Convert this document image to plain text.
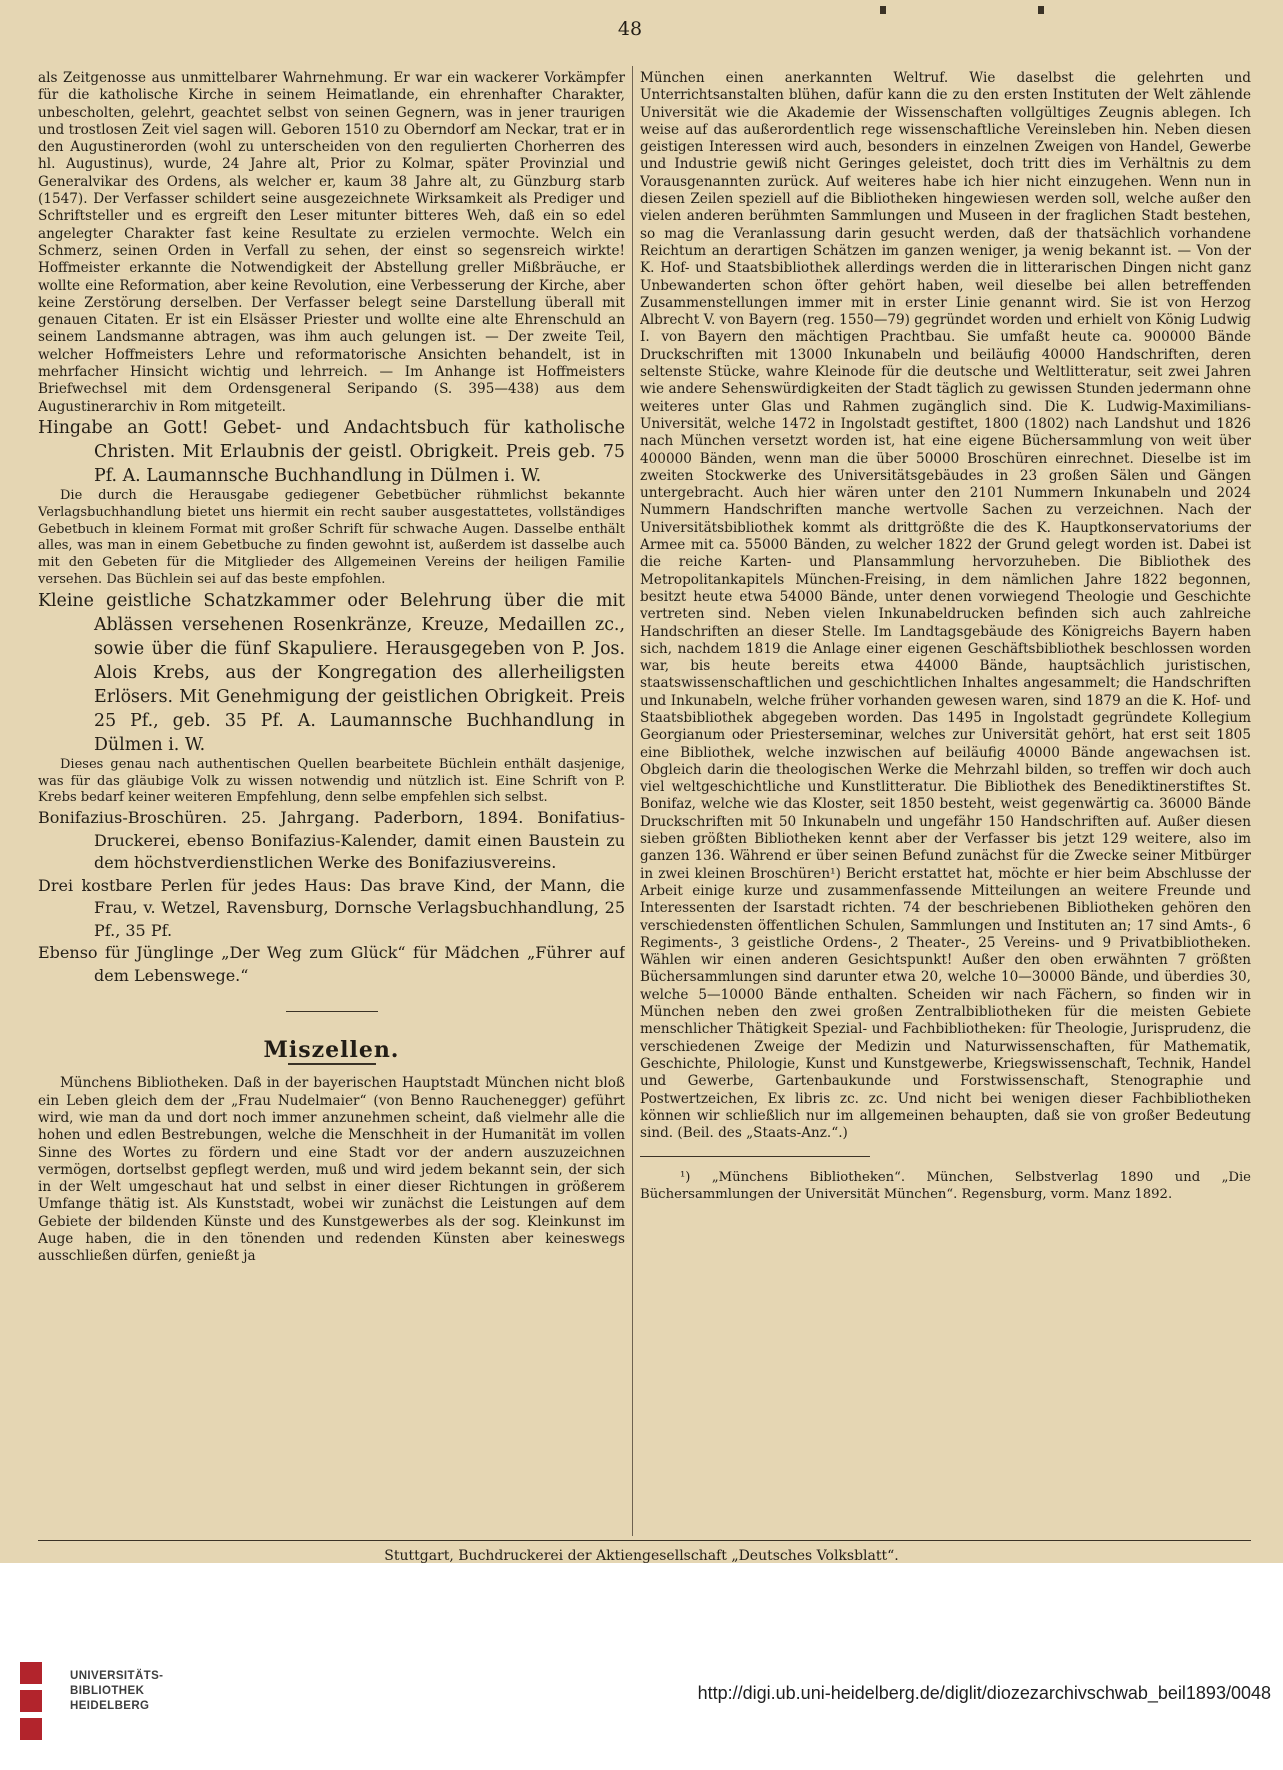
48

als Zeitgenosse aus unmittelbarer Wahrnehmung. Er war ein wackerer Vorkämpfer für die katholische Kirche in seinem Heimatlande, ein ehrenhafter Charakter, unbescholten, gelehrt, geachtet selbst von seinen Gegnern, was in jener traurigen und trostlosen Zeit viel sagen will. Geboren 1510 zu Oberndorf am Neckar, trat er in den Augustinerorden (wohl zu unterscheiden von den regulierten Chorherren des hl. Augustinus), wurde, 24 Jahre alt, Prior zu Kolmar, später Provinzial und Generalvikar des Ordens, als welcher er, kaum 38 Jahre alt, zu Günzburg starb (1547). Der Verfasser schildert seine ausgezeichnete Wirksamkeit als Prediger und Schriftsteller und es ergreift den Leser mitunter bitteres Weh, daß ein so edel angelegter Charakter fast keine Resultate zu erzielen vermochte. Welch ein Schmerz, seinen Orden in Verfall zu sehen, der einst so segensreich wirkte! Hoffmeister erkannte die Notwendigkeit der Abstellung greller Mißbräuche, er wollte eine Reformation, aber keine Revolution, eine Verbesserung der Kirche, aber keine Zerstörung derselben. Der Verfasser belegt seine Darstellung überall mit genauen Citaten. Er ist ein Elsässer Priester und wollte eine alte Ehrenschuld an seinem Landsmanne abtragen, was ihm auch gelungen ist. — Der zweite Teil, welcher Hoffmeisters Lehre und reformatorische Ansichten behandelt, ist in mehrfacher Hinsicht wichtig und lehrreich. — Im Anhange ist Hoffmeisters Briefwechsel mit dem Ordensgeneral Seripando (S. 395—438) aus dem Augustinerarchiv in Rom mitgeteilt.

Hingabe an Gott! Gebet- und Andachtsbuch für katholische Christen. Mit Erlaubnis der geistl. Obrigkeit. Preis geb. 75 Pf. A. Laumannsche Buchhandlung in Dülmen i. W.

Die durch die Herausgabe gediegener Gebetbücher rühmlichst bekannte Verlagsbuchhandlung bietet uns hiermit ein recht sauber ausgestattetes, vollständiges Gebetbuch in kleinem Format mit großer Schrift für schwache Augen. Dasselbe enthält alles, was man in einem Gebetbuche zu finden gewohnt ist, außerdem ist dasselbe auch mit den Gebeten für die Mitglieder des Allgemeinen Vereins der heiligen Familie versehen. Das Büchlein sei auf das beste empfohlen.

Kleine geistliche Schatzkammer oder Belehrung über die mit Ablässen versehenen Rosenkränze, Kreuze, Medaillen zc., sowie über die fünf Skapuliere. Herausgegeben von P. Jos. Alois Krebs, aus der Kongregation des allerheiligsten Erlösers. Mit Genehmigung der geistlichen Obrigkeit. Preis 25 Pf., geb. 35 Pf. A. Laumannsche Buchhandlung in Dülmen i. W.

Dieses genau nach authentischen Quellen bearbeitete Büchlein enthält dasjenige, was für das gläubige Volk zu wissen notwendig und nützlich ist. Eine Schrift von P. Krebs bedarf keiner weiteren Empfehlung, denn selbe empfehlen sich selbst.

Bonifazius-Broschüren. 25. Jahrgang. Paderborn, 1894. Bonifatius-Druckerei, ebenso Bonifazius-Kalender, damit einen Baustein zu dem höchstverdienstlichen Werke des Bonifaziusvereins.

Drei kostbare Perlen für jedes Haus: Das brave Kind, der Mann, die Frau, v. Wetzel, Ravensburg, Dornsche Verlagsbuchhandlung, 25 Pf., 35 Pf.

Ebenso für Jünglinge „Der Weg zum Glück“ für Mädchen „Führer auf dem Lebenswege.“

Miszellen.

Münchens Bibliotheken. Daß in der bayerischen Hauptstadt München nicht bloß ein Leben gleich dem der „Frau Nudelmaier“ (von Benno Rauchenegger) geführt wird, wie man da und dort noch immer anzunehmen scheint, daß vielmehr alle die hohen und edlen Bestrebungen, welche die Menschheit in der Humanität im vollen Sinne des Wortes zu fördern und eine Stadt vor der andern auszuzeichnen vermögen, dortselbst gepflegt werden, muß und wird jedem bekannt sein, der sich in der Welt umgeschaut hat und selbst in einer dieser Richtungen in größerem Umfange thätig ist. Als Kunststadt, wobei wir zunächst die Leistungen auf dem Gebiete der bildenden Künste und des Kunstgewerbes als der sog. Kleinkunst im Auge haben, die in den tönenden und redenden Künsten aber keineswegs ausschließen dürfen, genießt ja

München einen anerkannten Weltruf. Wie daselbst die gelehrten und Unterrichtsanstalten blühen, dafür kann die zu den ersten Instituten der Welt zählende Universität wie die Akademie der Wissenschaften vollgültiges Zeugnis ablegen. Ich weise auf das außerordentlich rege wissenschaftliche Vereinsleben hin. Neben diesen geistigen Interessen wird auch, besonders in einzelnen Zweigen von Handel, Gewerbe und Industrie gewiß nicht Geringes geleistet, doch tritt dies im Verhältnis zu dem Vorausgenannten zurück. Auf weiteres habe ich hier nicht einzugehen. Wenn nun in diesen Zeilen speziell auf die Bibliotheken hingewiesen werden soll, welche außer den vielen anderen berühmten Sammlungen und Museen in der fraglichen Stadt bestehen, so mag die Veranlassung darin gesucht werden, daß der thatsächlich vorhandene Reichtum an derartigen Schätzen im ganzen weniger, ja wenig bekannt ist. — Von der K. Hof- und Staatsbibliothek allerdings werden die in litterarischen Dingen nicht ganz Unbewanderten schon öfter gehört haben, weil dieselbe bei allen betreffenden Zusammenstellungen immer mit in erster Linie genannt wird. Sie ist von Herzog Albrecht V. von Bayern (reg. 1550—79) gegründet worden und erhielt von König Ludwig I. von Bayern den mächtigen Prachtbau. Sie umfaßt heute ca. 900000 Bände Druckschriften mit 13000 Inkunabeln und beiläufig 40000 Handschriften, deren seltenste Stücke, wahre Kleinode für die deutsche und Weltlitteratur, seit zwei Jahren wie andere Sehenswürdigkeiten der Stadt täglich zu gewissen Stunden jedermann ohne weiteres unter Glas und Rahmen zugänglich sind. Die K. Ludwig-Maximilians-Universität, welche 1472 in Ingolstadt gestiftet, 1800 (1802) nach Landshut und 1826 nach München versetzt worden ist, hat eine eigene Büchersammlung von weit über 400000 Bänden, wenn man die über 50000 Broschüren einrechnet. Dieselbe ist im zweiten Stockwerke des Universitätsgebäudes in 23 großen Sälen und Gängen untergebracht. Auch hier wären unter den 2101 Nummern Inkunabeln und 2024 Nummern Handschriften manche wertvolle Sachen zu verzeichnen. Nach der Universitätsbibliothek kommt als drittgrößte die des K. Hauptkonservatoriums der Armee mit ca. 55000 Bänden, zu welcher 1822 der Grund gelegt worden ist. Dabei ist die reiche Karten- und Plansammlung hervorzuheben. Die Bibliothek des Metropolitankapitels München-Freising, in dem nämlichen Jahre 1822 begonnen, besitzt heute etwa 54000 Bände, unter denen vorwiegend Theologie und Geschichte vertreten sind. Neben vielen Inkunabeldrucken befinden sich auch zahlreiche Handschriften an dieser Stelle. Im Landtagsgebäude des Königreichs Bayern haben sich, nachdem 1819 die Anlage einer eigenen Geschäftsbibliothek beschlossen worden war, bis heute bereits etwa 44000 Bände, hauptsächlich juristischen, staatswissenschaftlichen und geschichtlichen Inhaltes angesammelt; die Handschriften und Inkunabeln, welche früher vorhanden gewesen waren, sind 1879 an die K. Hof- und Staatsbibliothek abgegeben worden. Das 1495 in Ingolstadt gegründete Kollegium Georgianum oder Priesterseminar, welches zur Universität gehört, hat erst seit 1805 eine Bibliothek, welche inzwischen auf beiläufig 40000 Bände angewachsen ist. Obgleich darin die theologischen Werke die Mehrzahl bilden, so treffen wir doch auch viel weltgeschichtliche und Kunstlitteratur. Die Bibliothek des Benediktinerstiftes St. Bonifaz, welche wie das Kloster, seit 1850 besteht, weist gegenwärtig ca. 36000 Bände Druckschriften mit 50 Inkunabeln und ungefähr 150 Handschriften auf. Außer diesen sieben größten Bibliotheken kennt aber der Verfasser bis jetzt 129 weitere, also im ganzen 136. Während er über seinen Befund zunächst für die Zwecke seiner Mitbürger in zwei kleinen Broschüren¹) Bericht erstattet hat, möchte er hier beim Abschlusse der Arbeit einige kurze und zusammenfassende Mitteilungen an weitere Freunde und Interessenten der Isarstadt richten. 74 der beschriebenen Bibliotheken gehören den verschiedensten öffentlichen Schulen, Sammlungen und Instituten an; 17 sind Amts-, 6 Regiments-, 3 geistliche Ordens-, 2 Theater-, 25 Vereins- und 9 Privatbibliotheken. Wählen wir einen anderen Gesichtspunkt! Außer den oben erwähnten 7 größten Büchersammlungen sind darunter etwa 20, welche 10—30000 Bände, und überdies 30, welche 5—10000 Bände enthalten. Scheiden wir nach Fächern, so finden wir in München neben den zwei großen Zentralbibliotheken für die meisten Gebiete menschlicher Thätigkeit Spezial- und Fachbibliotheken: für Theologie, Jurisprudenz, die verschiedenen Zweige der Medizin und Naturwissenschaften, für Mathematik, Geschichte, Philologie, Kunst und Kunstgewerbe, Kriegswissenschaft, Technik, Handel und Gewerbe, Gartenbaukunde und Forstwissenschaft, Stenographie und Postwertzeichen, Ex libris zc. zc. Und nicht bei wenigen dieser Fachbibliotheken können wir schließlich nur im allgemeinen behaupten, daß sie von großer Bedeutung sind. (Beil. des „Staats-Anz.“.)

¹) „Münchens Bibliotheken“. München, Selbstverlag 1890 und „Die Büchersammlungen der Universität München“. Regensburg, vorm. Manz 1892.

Stuttgart, Buchdruckerei der Aktiengesellschaft „Deutsches Volksblatt“.
UNIVERSITÄTS-
BIBLIOTHEK
HEIDELBERG
http://digi.ub.uni-heidelberg.de/diglit/diozezarchivschwab_beil1893/0048
